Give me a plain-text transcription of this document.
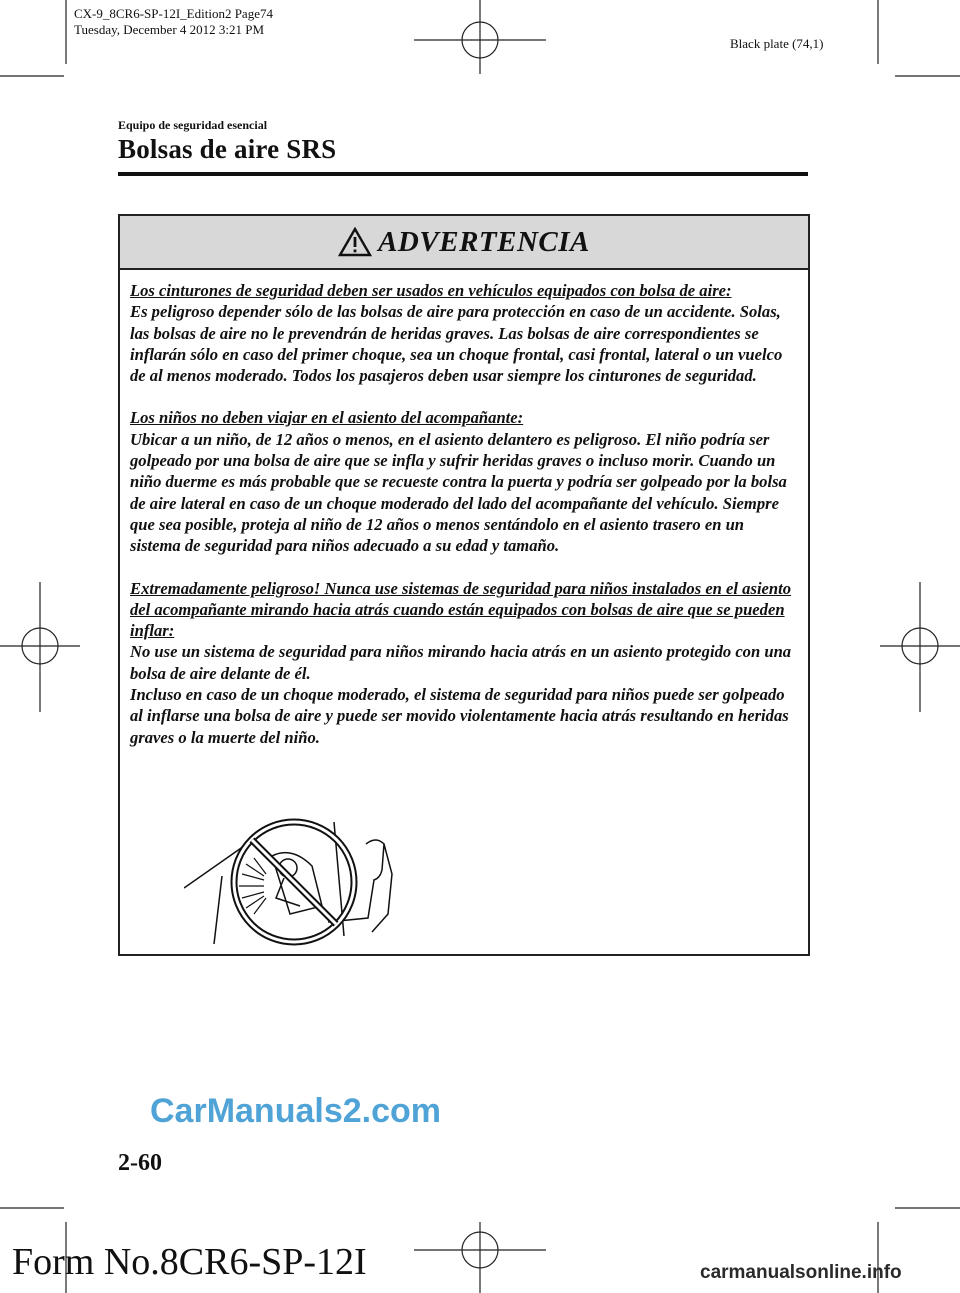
CX-9_8CR6-SP-12I_Edition2 Page74
Tuesday, December 4 2012 3:21 PM
Black plate (74,1)
Equipo de seguridad esencial
Bolsas de aire SRS
ADVERTENCIA

Los cinturones de seguridad deben ser usados en vehículos equipados con bolsa de aire:
Es peligroso depender sólo de las bolsas de aire para protección en caso de un accidente. Solas, las bolsas de aire no le prevendrán de heridas graves. Las bolsas de aire correspondientes se inflarán sólo en caso del primer choque, sea un choque frontal, casi frontal, lateral o un vuelco de al menos moderado. Todos los pasajeros deben usar siempre los cinturones de seguridad.

Los niños no deben viajar en el asiento del acompañante:
Ubicar a un niño, de 12 años o menos, en el asiento delantero es peligroso. El niño podría ser golpeado por una bolsa de aire que se infla y sufrir heridas graves o incluso morir. Cuando un niño duerme es más probable que se recueste contra la puerta y podría ser golpeado por la bolsa de aire lateral en caso de un choque moderado del lado del acompañante del vehículo. Siempre que sea posible, proteja al niño de 12 años o menos sentándolo en el asiento trasero en un sistema de seguridad para niños adecuado a su edad y tamaño.

Extremadamente peligroso! Nunca use sistemas de seguridad para niños instalados en el asiento del acompañante mirando hacia atrás cuando están equipados con bolsas de aire que se pueden inflar:
No use un sistema de seguridad para niños mirando hacia atrás en un asiento protegido con una bolsa de aire delante de él.
Incluso en caso de un choque moderado, el sistema de seguridad para niños puede ser golpeado al inflarse una bolsa de aire y puede ser movido violentamente hacia atrás resultando en heridas graves o la muerte del niño.

CarManuals2.com
2-60
Form No.8CR6-SP-12I	carmanualsonline.info
